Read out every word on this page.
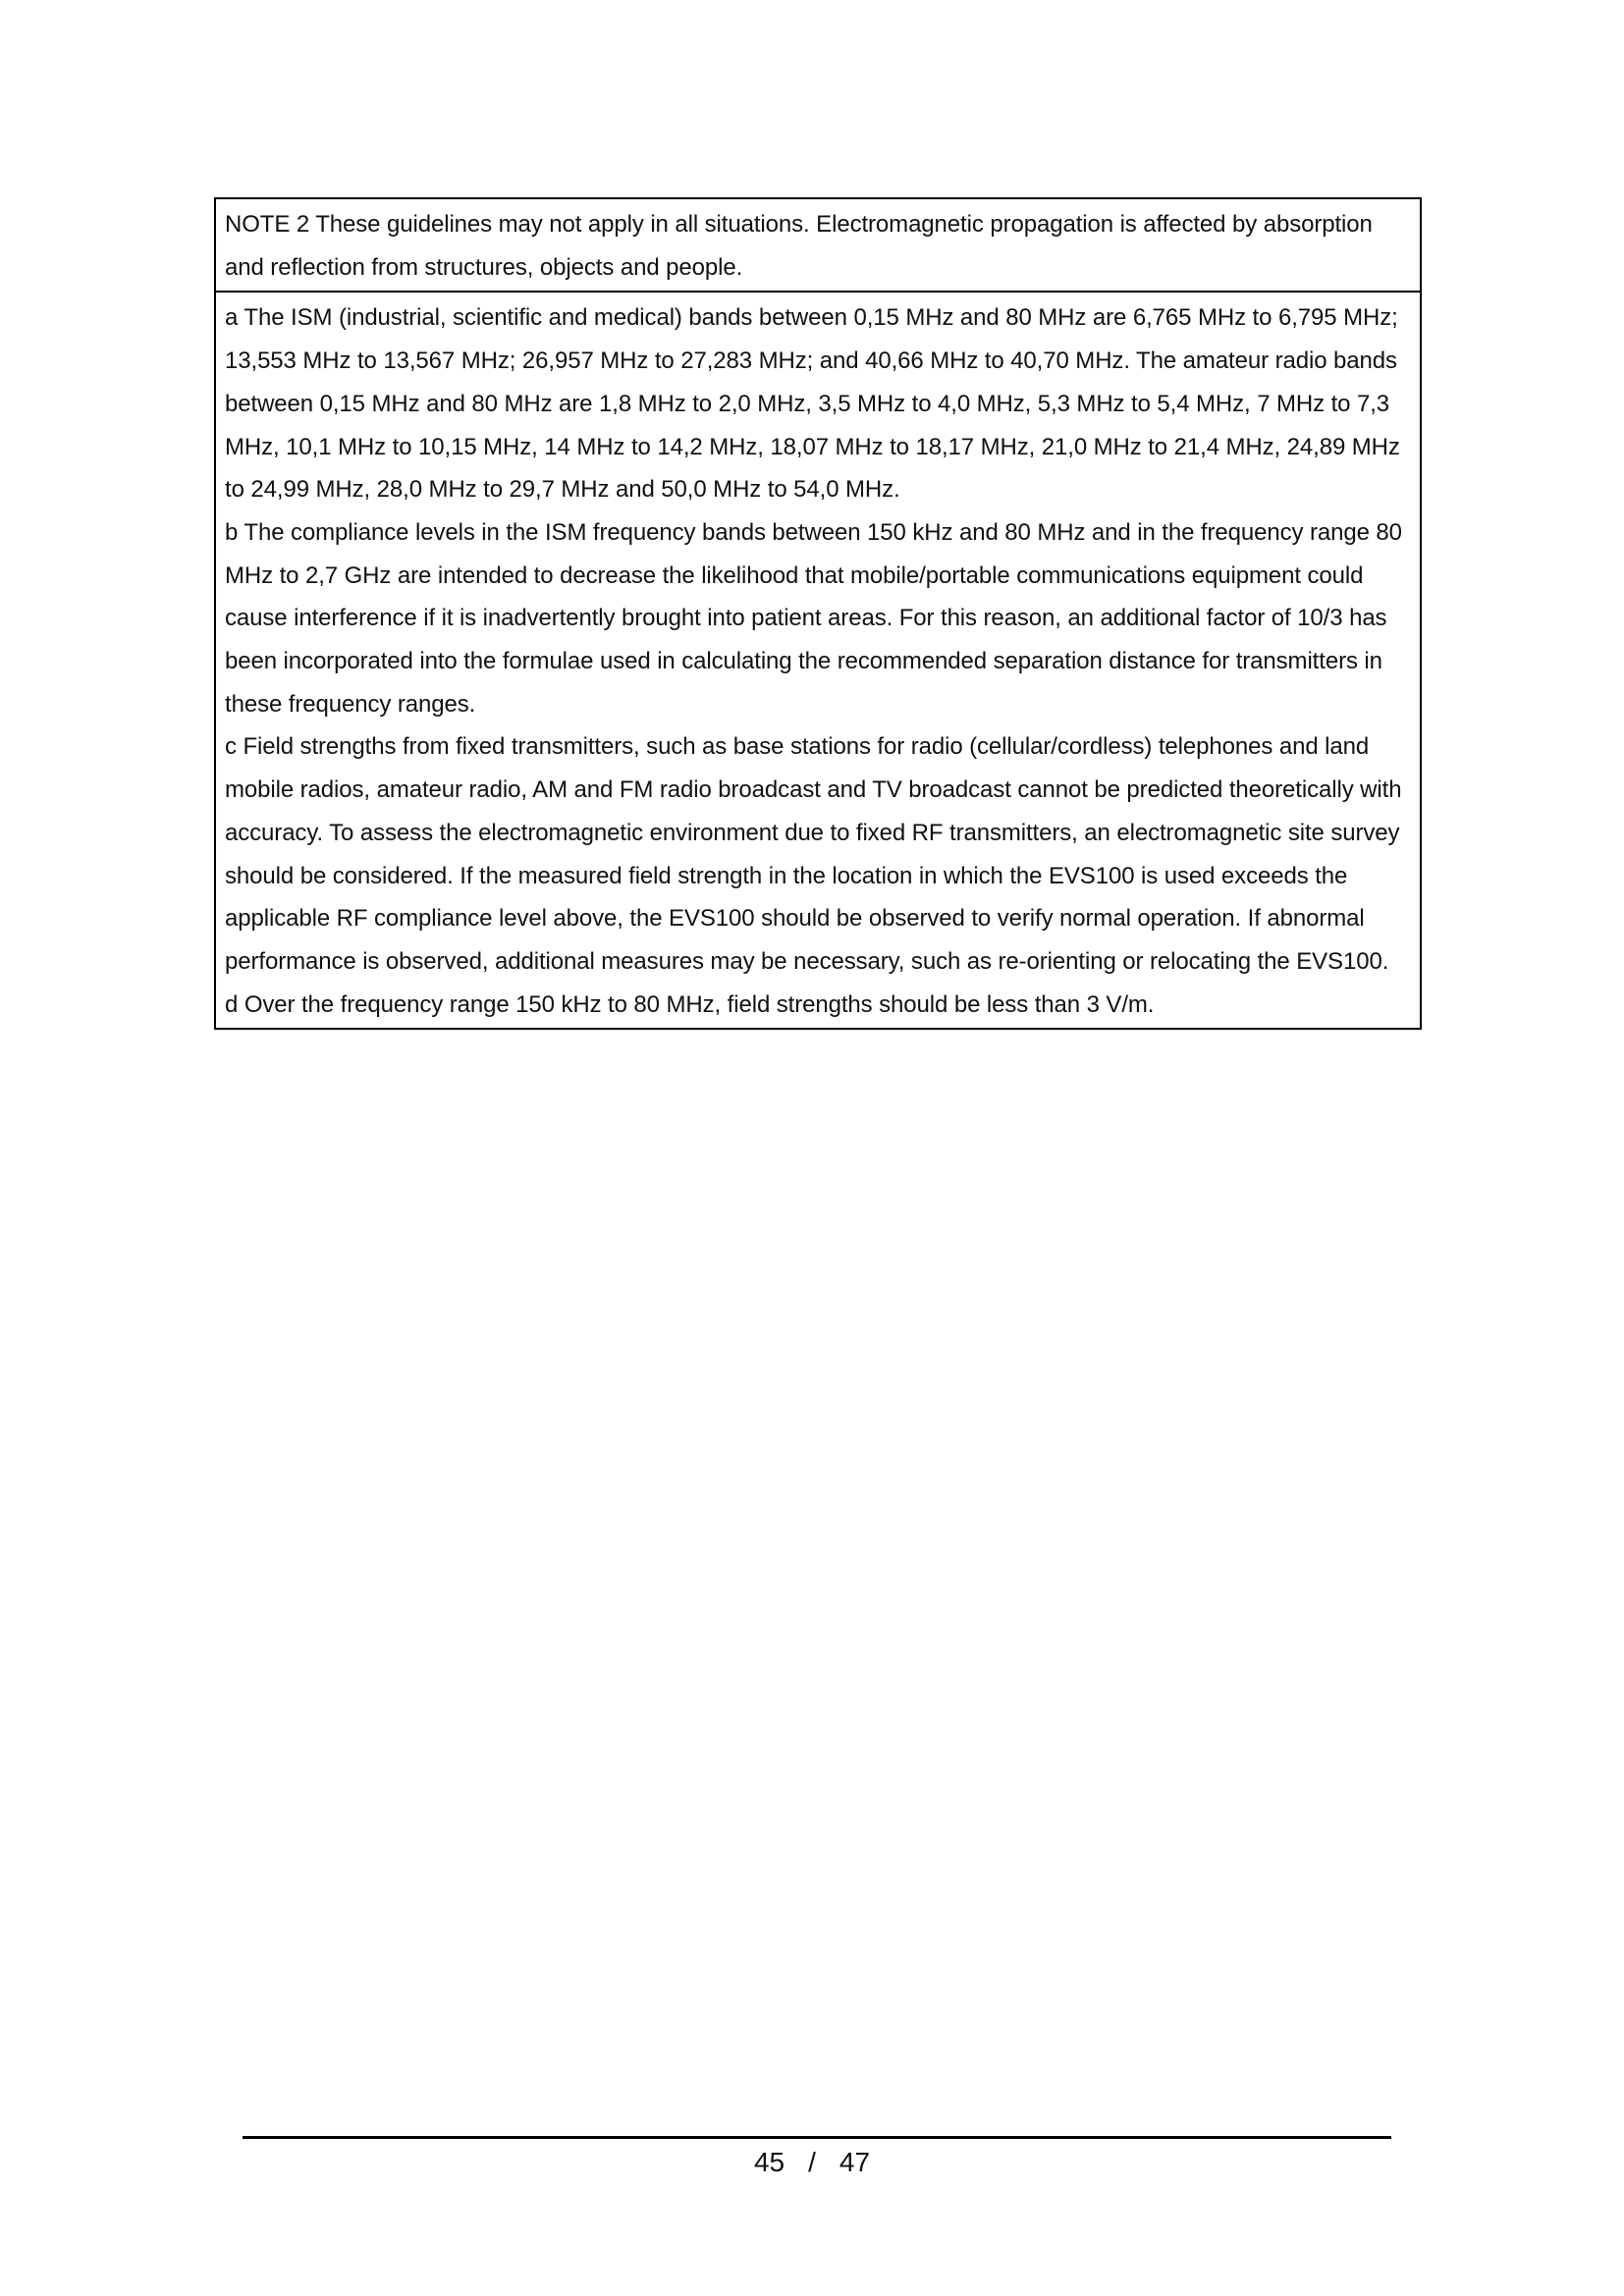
NOTE 2 These guidelines may not apply in all situations. Electromagnetic propagation is affected by absorption and reflection from structures, objects and people.

a The ISM (industrial, scientific and medical) bands between 0,15 MHz and 80 MHz are 6,765 MHz to 6,795 MHz; 13,553 MHz to 13,567 MHz; 26,957 MHz to 27,283 MHz; and 40,66 MHz to 40,70 MHz. The amateur radio bands between 0,15 MHz and 80 MHz are 1,8 MHz to 2,0 MHz, 3,5 MHz to 4,0 MHz, 5,3 MHz to 5,4 MHz, 7 MHz to 7,3 MHz, 10,1 MHz to 10,15 MHz, 14 MHz to 14,2 MHz, 18,07 MHz to 18,17 MHz, 21,0 MHz to 21,4 MHz, 24,89 MHz to 24,99 MHz, 28,0 MHz to 29,7 MHz and 50,0 MHz to 54,0 MHz.

b The compliance levels in the ISM frequency bands between 150 kHz and 80 MHz and in the frequency range 80 MHz to 2,7 GHz are intended to decrease the likelihood that mobile/portable communications equipment could cause interference if it is inadvertently brought into patient areas. For this reason, an additional factor of 10/3 has been incorporated into the formulae used in calculating the recommended separation distance for transmitters in these frequency ranges.

c Field strengths from fixed transmitters, such as base stations for radio (cellular/cordless) telephones and land mobile radios, amateur radio, AM and FM radio broadcast and TV broadcast cannot be predicted theoretically with accuracy. To assess the electromagnetic environment due to fixed RF transmitters, an electromagnetic site survey should be considered. If the measured field strength in the location in which the EVS100 is used exceeds the applicable RF compliance level above, the EVS100 should be observed to verify normal operation. If abnormal performance is observed, additional measures may be necessary, such as re-orienting or relocating the EVS100.

d Over the frequency range 150 kHz to 80 MHz, field strengths should be less than 3 V/m.

45 / 47
